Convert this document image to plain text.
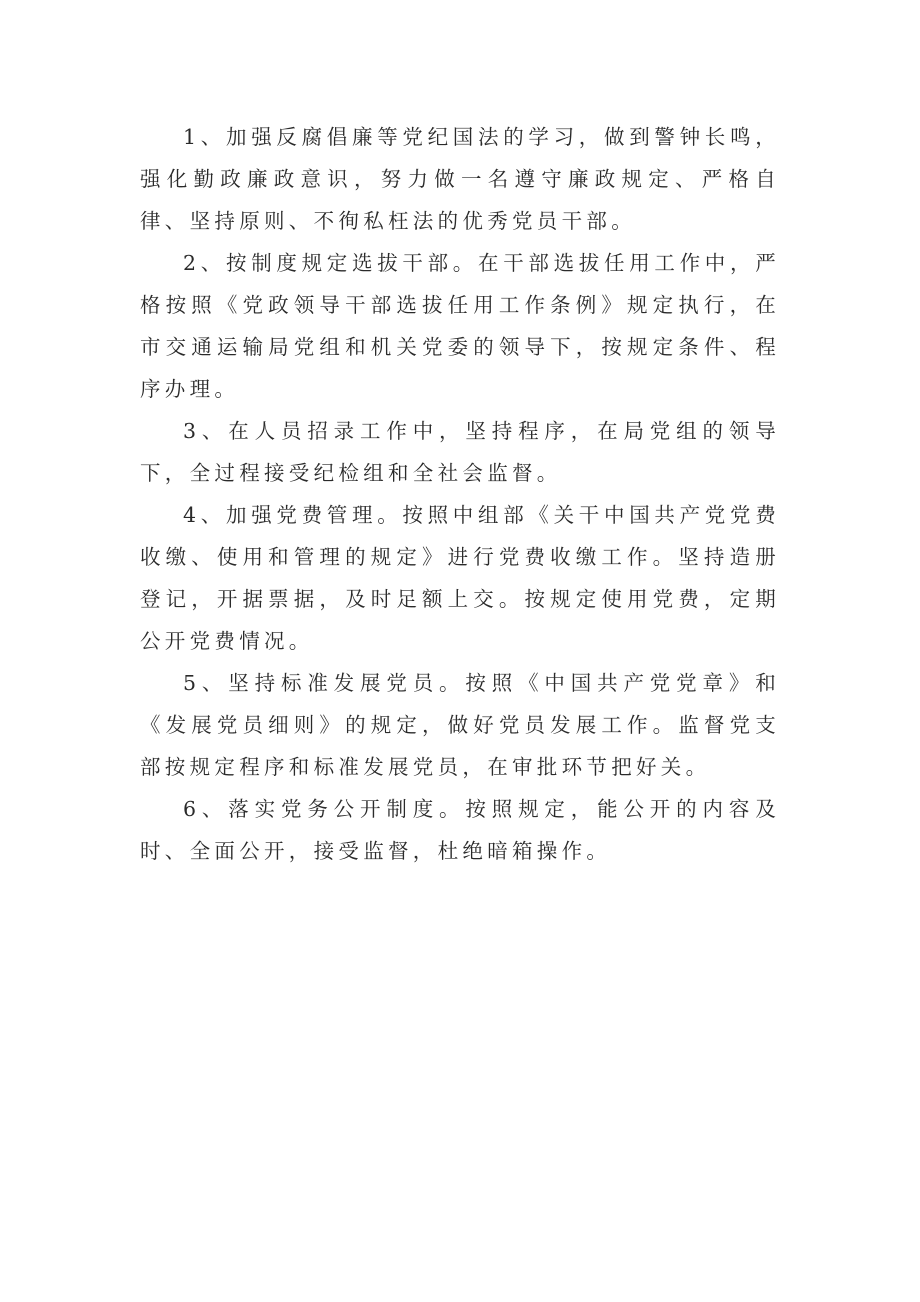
1、加强反腐倡廉等党纪国法的学习，做到警钟长鸣，强化勤政廉政意识，努力做一名遵守廉政规定、严格自律、坚持原则、不徇私枉法的优秀党员干部。

2、按制度规定选拔干部。在干部选拔任用工作中，严格按照《党政领导干部选拔任用工作条例》规定执行，在市交通运输局党组和机关党委的领导下，按规定条件、程序办理。

3、在人员招录工作中，坚持程序，在局党组的领导下，全过程接受纪检组和全社会监督。

4、加强党费管理。按照中组部《关干中国共产党党费收缴、使用和管理的规定》进行党费收缴工作。坚持造册登记，开据票据，及时足额上交。按规定使用党费，定期公开党费情况。

5、坚持标准发展党员。按照《中国共产党党章》和《发展党员细则》的规定，做好党员发展工作。监督党支部按规定程序和标准发展党员，在审批环节把好关。

6、落实党务公开制度。按照规定，能公开的内容及时、全面公开，接受监督，杜绝暗箱操作。
